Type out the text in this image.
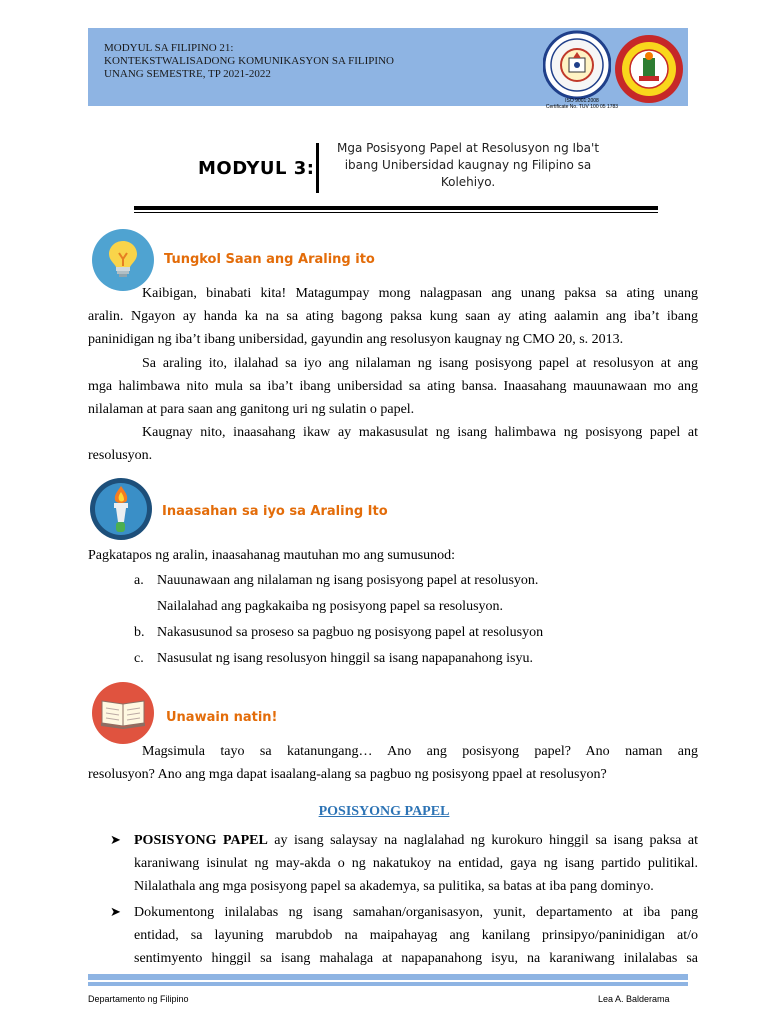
MODYUL SA FILIPINO 21:
KONTEKSTWALISADONG KOMUNIKASYON SA FILIPINO
UNANG SEMESTRE, TP 2021-2022
ISO 9001:2008
Certificate No. TUV 100 05 1783
MODYUL 3:
Mga Posisyong Papel at Resolusyon ng Iba't
ibang Unibersidad kaugnay ng Filipino sa
Kolehiyo.
Tungkol Saan ang Araling ito
Kaibigan, binabati kita! Matagumpay mong nalagpasan ang unang paksa sa ating unang
aralin. Ngayon ay handa ka na sa ating bagong paksa kung saan ay ating aalamin ang iba’t ibang
paninidigan ng iba’t ibang unibersidad, gayundin ang resolusyon kaugnay ng CMO 20, s. 2013.
Sa araling ito, ilalahad sa iyo ang nilalaman ng isang posisyong papel at resolusyon at ang
mga halimbawa nito mula sa iba’t ibang unibersidad sa ating bansa. Inaasahang mauunawaan mo ang
nilalaman at para saan ang ganitong uri ng sulatin o papel.
Kaugnay nito, inaasahang ikaw ay makasusulat ng isang halimbawa ng posisyong papel at
resolusyon.
Inaasahan sa iyo sa Araling Ito
Pagkatapos ng aralin, inaasahanag mautuhan mo ang sumusunod:
a. Nauunawaan ang nilalaman ng isang posisyong papel at resolusyon.
Nailalahad ang pagkakaiba ng posisyong papel sa resolusyon.
b. Nakasusunod sa proseso sa pagbuo ng posisyong papel at resolusyon
c. Nasusulat ng isang resolusyon hinggil sa isang napapanahong isyu.
Unawain natin!
Magsimula tayo sa katanungang… Ano ang posisyong papel? Ano naman ang
resolusyon? Ano ang mga dapat isaalang-alang sa pagbuo ng posisyong ppael at resolusyon?
POSISYONG PAPEL
➤ POSISYONG PAPEL ay isang salaysay na naglalahad ng kurokuro hinggil sa isang paksa at
karaniwang isinulat ng may-akda o ng nakatukoy na entidad, gaya ng isang partido pulitikal.
Nilalathala ang mga posisyong papel sa akademya, sa pulitika, sa batas at iba pang dominyo.
➤ Dokumentong inilalabas ng isang samahan/organisasyon, yunit, departamento at iba pang
entidad, sa layuning marubdob na maipahayag ang kanilang prinsipyo/paninidigan at/o
sentimyento hinggil sa isang mahalaga at napapanahong isyu, na karaniwang inilalabas sa
Departamento ng Filipino	Lea A. Balderama
